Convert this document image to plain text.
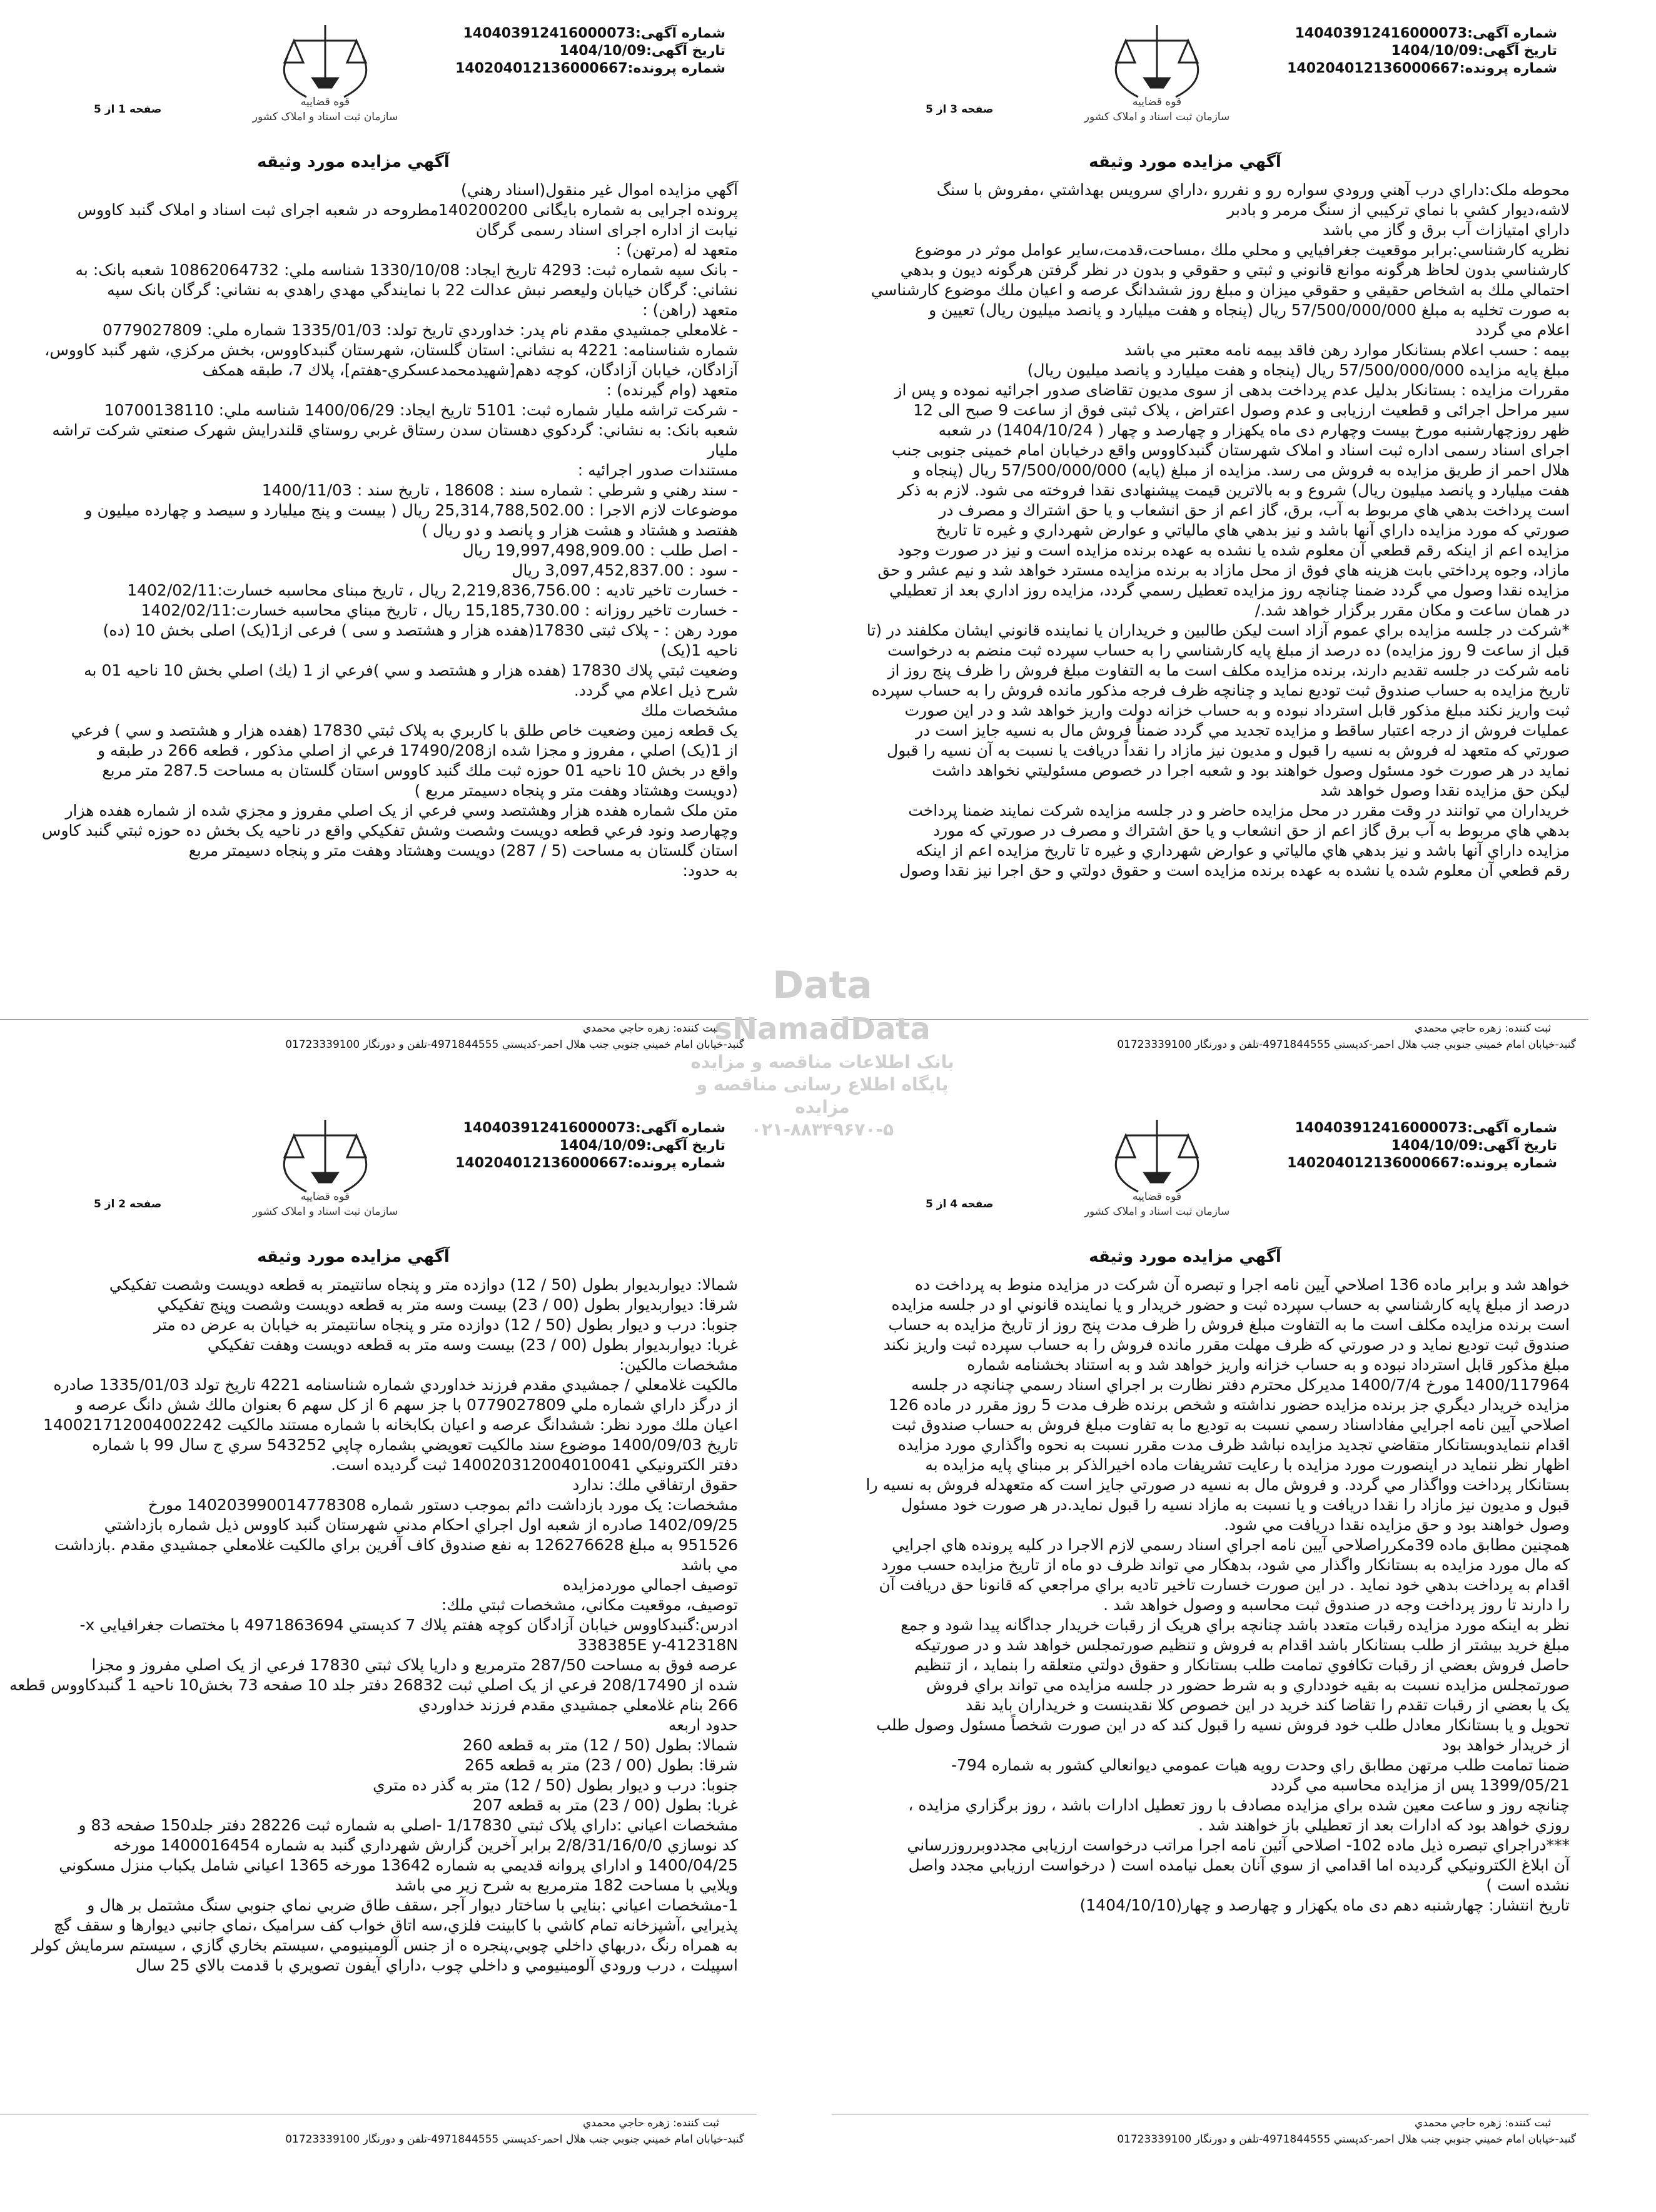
شماره آگهی:140403912416000073
تاریخ آگهی:1404/10/09
شماره پرونده:140204012136000667
قوه قضاییه
سازمان ثبت اسناد و املاک کشور
صفحه 1 از 5
آگهي مزايده مورد وثيقه
آگهي مزايده اموال غير منقول(اسناد رهني)
پرونده اجرایی به شماره بایگانی 140200200مطروحه در شعبه اجرای ثبت اسناد و املاک گنبد کاووس
نیابت از اداره اجرای اسناد رسمی گرگان
متعهد له (مرتهن) :
- بانک سپه شماره ثبت: 4293 تاريخ ايجاد: 1330/10/08 شناسه ملي: 10862064732 شعبه بانک: به
نشاني: گرگان خيابان وليعصر نبش عدالت 22 با نمايندگي مهدي راهدي به نشاني: گرگان بانک سپه
متعهد (راهن) :
- غلامعلي جمشيدي مقدم نام پدر: خداوردي تاريخ تولد: 1335/01/03 شماره ملي: 0779027809
شماره شناسنامه: 4221 به نشاني: استان گلستان، شهرستان گنبدكاووس، بخش مركزي، شهر گنبد کاووس،
آزادگان، خيابان آزادگان، كوچه دهم[شهيدمحمدعسكري-هفتم]، پلاك 7، طبقه همكف
متعهد (وام گيرنده) :
- شرکت تراشه مليار شماره ثبت: 5101 تاريخ ايجاد: 1400/06/29 شناسه ملي: 10700138110
شعبه بانک: به نشاني: گردکوي دهستان سدن رستاق غربي روستاي قلندرايش شهرک صنعتي شرکت تراشه
مليار
مستندات صدور اجرائیه :
- سند رهني و شرطي : شماره سند : 18608 ، تاريخ سند : 1400/11/03
موضوعات لازم الاجرا : 25,314,788,502.00 ريال ( بيست و پنج ميليارد و سيصد و چهارده ميليون و
هفتصد و هشتاد و هشت هزار و پانصد و دو ريال )
- اصل طلب : 19,997,498,909.00 ريال
- سود : 3,097,452,837.00 ريال
- خسارت تاخیر تادیه : 2,219,836,756.00 ریال ، تاریخ مبنای محاسبه خسارت:1402/02/11
- خسارت تاخير روزانه : 15,185,730.00 ريال ، تاريخ مبناي محاسبه خسارت:1402/02/11
مورد رهن : - پلاک ثبتی 17830(هفده هزار و هشتصد و سی ) فرعی از1(یک) اصلی بخش 10 (ده)
ناحيه 1(يک)
وضعيت ثبتي پلاك 17830 (هفده هزار و هشتصد و سي )فرعي از 1 (يك) اصلي بخش 10 ناحيه 01 به
شرح ذيل اعلام مي گردد.
مشخصات ملك
يک قطعه زمين وضعيت خاص طلق با كاربري به پلاک ثبتي 17830 (هفده هزار و هشتصد و سي ) فرعي
از 1(يک) اصلي ، مفروز و مجزا شده از17490/208 فرعي از اصلي مذكور ، قطعه 266 در طبقه و
واقع در بخش 10 ناحيه 01 حوزه ثبت ملك گنبد كاووس استان گلستان به مساحت 287.5 متر مربع
(دويست وهشتاد وهفت متر و پنجاه دسيمتر مربع )
متن ملک شماره هفده هزار وهشتصد وسي فرعي از يک اصلي مفروز و مجزي شده از شماره هفده هزار
وچهارصد ونود فرعي قطعه دويست وشصت وشش تفکيکي واقع در ناحيه يک بخش ده حوزه ثبتي گنبد کاوس
استان گلستان به مساحت (5 / 287) دويست وهشتاد وهفت متر و پنجاه دسيمتر مربع
به حدود:
ثبت کننده: زهره حاجي محمدي
گنبد-خيابان امام خميني جنوبي جنب هلال احمر-کدپستي 4971844555-تلفن و دورنگار 01723339100
شماره آگهی:140403912416000073
تاریخ آگهی:1404/10/09
شماره پرونده:140204012136000667
قوه قضاییه
سازمان ثبت اسناد و املاک کشور
صفحه 3 از 5
آگهي مزايده مورد وثيقه
محوطه ملک:داراي درب آهني ورودي سواره رو و نفررو ،داراي سرويس بهداشتي ،مفروش با سنگ
لاشه،ديوار كشي با نماي تركيبي از سنگ مرمر و بادبر
داراي امتيازات آب برق و گاز مي باشد
نظريه كارشناسي:برابر موقعيت جغرافيايي و محلي ملك ،مساحت،قدمت،ساير عوامل موثر در موضوع
كارشناسي بدون لحاظ هرگونه موانع قانوني و ثبتي و حقوقي و بدون در نظر گرفتن هرگونه ديون و بدهي
احتمالي ملك به اشخاص حقيقي و حقوقي ميزان و مبلغ روز ششدانگ عرصه و اعيان ملك موضوع كارشناسي
به صورت تخليه به مبلغ 57/500/000/000 ريال (پنجاه و هفت ميليارد و پانصد ميليون ريال) تعيين و
اعلام مي گردد
بيمه : حسب اعلام بستانكار موارد رهن فاقد بيمه نامه معتبر مي باشد
مبلغ پايه مزايده 57/500/000/000 ريال (پنجاه و هفت ميليارد و پانصد ميليون ريال)
مقررات مزایده : بستانکار بدلیل عدم پرداخت بدهی از سوی مدیون تقاضای صدور اجرائیه نموده و پس از
سیر مراحل اجرائی و قطعیت ارزیابی و عدم وصول اعتراض ، پلاک ثبتی فوق از ساعت 9 صبح الی 12
ظهر روزچهارشنبه مورخ بیست وچهارم دی ماه یکهزار و چهارصد و چهار ( 1404/10/24) در شعبه
اجرای اسناد رسمی اداره ثبت اسناد و املاک شهرستان گنبدکاووس واقع درخیابان امام خمینی جنوبی جنب
هلال احمر از طریق مزایده به فروش می رسد. مزایده از مبلغ (پایه) 57/500/000/000 ریال (پنجاه و
هفت میلیارد و پانصد میلیون ریال) شروع و به بالاترین قیمت پیشنهادی نقدا فروخته می شود. لازم به ذکر
است پرداخت بدهي هاي مربوط به آب، برق، گاز اعم از حق انشعاب و يا حق اشتراك و مصرف در
صورتي كه مورد مزايده داراي آنها باشد و نيز بدهي هاي مالياتي و عوارض شهرداري و غيره تا تاريخ
مزايده اعم از اينكه رقم قطعي آن معلوم شده يا نشده به عهده برنده مزايده است و نيز در صورت وجود
مازاد، وجوه پرداختي بابت هزينه هاي فوق از محل مازاد به برنده مزايده مسترد خواهد شد و نيم عشر و حق
مزايده نقدا وصول مي گردد ضمنا چنانچه روز مزايده تعطيل رسمي گردد، مزايده روز اداري بعد از تعطيلي
در همان ساعت و مكان مقرر برگزار خواهد شد./
*شرکت در جلسه مزايده براي عموم آزاد است ليکن طالبين و خريداران يا نماينده قانوني ايشان مکلفند در (تا
قبل از ساعت 9 روز مزايده) ده درصد از مبلغ پايه کارشناسي را به حساب سپرده ثبت منضم به درخواست
نامه شرکت در جلسه تقديم دارند، برنده مزايده مکلف است ما به التفاوت مبلغ فروش را ظرف پنج روز از
تاريخ مزايده به حساب صندوق ثبت توديع نمايد و چنانچه ظرف فرجه مذکور مانده فروش را به حساب سپرده
ثبت واريز نکند مبلغ مذکور قابل استرداد نبوده و به حساب خزانه دولت واريز خواهد شد و در اين صورت
عمليات فروش از درجه اعتبار ساقط و مزايده تجديد مي گردد ضمناً فروش مال به نسيه جايز است در
صورتي که متعهد له فروش به نسيه را قبول و مديون نيز مازاد را نقداً دريافت يا نسبت به آن نسيه را قبول
نمايد در هر صورت خود مسئول وصول خواهند بود و شعبه اجرا در خصوص مسئوليتي نخواهد داشت
ليکن حق مزايده نقدا وصول خواهد شد
خريداران مي توانند در وقت مقرر در محل مزايده حاضر و در جلسه مزايده شركت نمايند ضمنا پرداخت
بدهي هاي مربوط به آب برق گاز اعم از حق انشعاب و يا حق اشتراك و مصرف در صورتي كه مورد
مزايده داراي آنها باشد و نيز بدهي هاي مالياتي و عوارض شهرداري و غيره تا تاريخ مزايده اعم از اينكه
رقم قطعي آن معلوم شده يا نشده به عهده برنده مزايده است و حقوق دولتي و حق اجرا نيز نقدا وصول
ثبت کننده: زهره حاجي محمدي
گنبد-خيابان امام خميني جنوبي جنب هلال احمر-کدپستي 4971844555-تلفن و دورنگار 01723339100
شماره آگهی:140403912416000073
تاریخ آگهی:1404/10/09
شماره پرونده:140204012136000667
قوه قضاییه
سازمان ثبت اسناد و املاک کشور
صفحه 2 از 5
آگهي مزايده مورد وثيقه
شمالا: ديواربديوار بطول (50 / 12) دوازده متر و پنجاه سانتيمتر به قطعه دويست وشصت تفكيكي
شرقا: ديواربديوار بطول (00 / 23) بيست وسه متر به قطعه دويست وشصت وپنج تفكيكي
جنوبا: درب و ديوار بطول (50 / 12) دوازده متر و پنجاه سانتيمتر به خيابان به عرض ده متر
غربا: ديواربديوار بطول (00 / 23) بيست وسه متر به قطعه دويست وهفت تفكيكي
مشخصات مالكين:
مالكيت غلامعلي / جمشيدي مقدم فرزند خداوردي شماره شناسنامه 4221 تاريخ تولد 1335/01/03 صادره
از درگز داراي شماره ملي 0779027809 با جز سهم 6 از كل سهم 6 بعنوان مالك شش دانگ عرصه و
اعيان ملك مورد نظر: ششدانگ عرصه و اعيان بكابخانه با شماره مستند مالكيت 140021712004002242
تاريخ 1400/09/03 موضوع سند مالكيت تعويضي بشماره چاپي 543252 سري ج سال 99 با شماره
دفتر الكترونيكي 140020312004010041 ثبت گرديده است.
حقوق ارتفاقي ملك: ندارد
مشخصات: يک مورد بازداشت دائم بموجب دستور شماره 140203990014778308 مورخ
1402/09/25 صادره از شعبه اول اجراي احكام مدني شهرستان گنبد كاووس ذيل شماره بازداشتي
951526 به مبلغ 126276628 به نفع صندوق كاف آفرين براي مالكيت غلامعلي جمشيدي مقدم .بازداشت
مي باشد
توصيف اجمالي موردمزايده
توصيف، موقعيت مكاني، مشخصات ثبتي ملك:
ادرس:گنبدكاووس خيابان آزادگان كوچه هفتم پلاك 7 كدپستي 4971863694 با مختصات جغرافيايي x-
338385E y-412318N
عرصه فوق به مساحت 287/50 مترمربع و داريا پلاک ثبتي 17830 فرعي از يک اصلي مفروز و مجزا
شده از 208/17490 فرعي از يک اصلي ثبت 26832 دفتر جلد 10 صفحه 73 بخش10 ناحيه 1 گنبدكاووس قطعه
266 بنام غلامعلي جمشيدي مقدم فرزند خداوردي
حدود اربعه
شمالا: بطول (50 / 12) متر به قطعه 260
شرقا: بطول (00 / 23) متر به قطعه 265
جنوبا: درب و ديوار بطول (50 / 12) متر به گذر ده متري
غربا: بطول (00 / 23) متر به قطعه 207
مشخصات اعياني :داراي پلاک ثبتي 1/17830 -اصلي به شماره ثبت 28226 دفتر جلد150 صفحه 83 و
کد نوسازي 2/8/31/16/0/0 برابر آخرين گزارش شهرداري گنبد به شماره 1400016454 مورخه
1400/04/25 و اداراي پروانه قديمي به شماره 13642 مورخه 1365 اعياني شامل يكباب منزل مسكوني
ويلايي با مساحت 182 مترمربع به شرح زير مي باشد
1-مشخصات اعياني :بنايي با ساختار ديوار آجر ،سقف طاق ضربي نماي جنوبي سنگ مشتمل بر هال و
پذيرايي ،آشپزخانه تمام كاشي با كابينت فلزي،سه اتاق خواب كف سراميک ،نماي جانبي ديوارها و سقف گچ
به همراه رنگ ،دربهاي داخلي چوبي،پنجره ه از جنس آلومينيومي ،سيستم بخاري گازي ، سيستم سرمايش كولر
اسپيلت ، درب ورودي آلومينيومي و داخلي چوب ،داراي آيفون تصويري با قدمت بالاي 25 سال
ثبت کننده: زهره حاجي محمدي
گنبد-خيابان امام خميني جنوبي جنب هلال احمر-کدپستي 4971844555-تلفن و دورنگار 01723339100
شماره آگهی:140403912416000073
تاریخ آگهی:1404/10/09
شماره پرونده:140204012136000667
قوه قضاییه
سازمان ثبت اسناد و املاک کشور
صفحه 4 از 5
آگهي مزايده مورد وثيقه
خواهد شد و برابر ماده 136 اصلاحي آيين نامه اجرا و تبصره آن شرکت در مزايده منوط به پرداخت ده
درصد از مبلغ پايه کارشناسي به حساب سپرده ثبت و حضور خريدار و يا نماينده قانوني او در جلسه مزايده
است برنده مزايده مکلف است ما به التفاوت مبلغ فروش را ظرف مدت پنج روز از تاريخ مزايده به حساب
صندوق ثبت توديع نمايد و در صورتي که ظرف مهلت مقرر مانده فروش را به حساب سپرده ثبت واريز نکند
مبلغ مذکور قابل استرداد نبوده و به حساب خزانه واريز خواهد شد و به استناد بخشنامه شماره
1400/117964 مورخ 1400/7/4 مديرکل محترم دفتر نظارت بر اجراي اسناد رسمي چنانچه در جلسه
مزايده خريدار ديگري جز برنده مزايده حضور نداشته و شخص برنده ظرف مدت 5 روز مقرر در ماده 126
اصلاحي آيين نامه اجرايي مفاداسناد رسمي نسبت به توديع ما به تفاوت مبلغ فروش به حساب صندوق ثبت
اقدام ننمايدوبستانکار متقاضي تجديد مزايده نباشد ظرف مدت مقرر نسبت به نحوه واگذاري مورد مزايده
اظهار نظر ننمايد در اينصورت مورد مزايده با رعايت تشريفات ماده اخيرالذکر بر مبناي پايه مزايده به
بستانکار پرداخت وواگذار مي گردد. و فروش مال به نسيه در صورتي جايز است که متعهدله فروش به نسيه را
قبول و مديون نيز مازاد را نقدا دريافت و يا نسبت به مازاد نسيه را قبول نمايد.در هر صورت خود مسئول
وصول خواهند بود و حق مزايده نقدا دريافت مي شود.
همچنين مطابق ماده 39مکرراصلاحي آيين نامه اجراي اسناد رسمي لازم الاجرا در کليه پرونده هاي اجرايي
که مال مورد مزايده به بستانکار واگذار مي شود، بدهکار مي تواند ظرف دو ماه از تاريخ مزايده حسب مورد
اقدام به پرداخت بدهي خود نمايد . در اين صورت خسارت تاخير تاديه براي مراجعي که قانونا حق دريافت آن
را دارند تا روز پرداخت وجه در صندوق ثبت محاسبه و وصول خواهد شد .
نظر به اينکه مورد مزايده رقبات متعدد باشد چنانچه براي هريک از رقبات خريدار جداگانه پيدا شود و جمع
مبلغ خريد بيشتر از طلب بستانکار باشد اقدام به فروش و تنظيم صورتمجلس خواهد شد و در صورتيکه
حاصل فروش بعضي از رقبات تکافوي تمامت طلب بستانکار و حقوق دولتي متعلقه را بنمايد ، از تنظيم
صورتمجلس مزايده نسبت به بقيه خودداري و به شرط حضور در جلسه مزايده مي تواند براي فروش
يک يا بعضي از رقبات تقدم را تقاضا کند خريد در اين خصوص کلا نقدينست و خريداران بايد نقد
تحويل و يا بستانکار معادل طلب خود فروش نسيه را قبول کند که در اين صورت شخصاً مسئول وصول طلب
از خريدار خواهد بود
ضمنا تمامت طلب مرتهن مطابق راي وحدت رويه هيات عمومي ديوانعالي کشور به شماره 794-
1399/05/21 پس از مزايده محاسبه مي گردد
چنانچه روز و ساعت معين شده براي مزايده مصادف با روز تعطيل ادارات باشد ، روز برگزاري مزايده ،
روزي خواهد بود که ادارات بعد از تعطيلي باز خواهند شد .
***دراجراي تبصره ذيل ماده 102- اصلاحي آئين نامه اجرا مراتب درخواست ارزيابي مجددوبرروزرساني
آن ابلاغ الکترونيکي گرديده اما اقدامي از سوي آنان بعمل نيامده است ( درخواست ارزيابي مجدد واصل
نشده است )
تاريخ انتشار: چهارشنبه دهم دی ماه یکهزار و چهارصد و چهار(1404/10/10)
ثبت کننده: زهره حاجي محمدي
گنبد-خيابان امام خميني جنوبي جنب هلال احمر-کدپستي 4971844555-تلفن و دورنگار 01723339100
Data
sNamadData
بانک اطلاعات مناقصه و مزایده
پایگاه اطلاع رسانی مناقصه و مزایده
۰۲۱-۸۸۳۴۹۶۷۰-۵
